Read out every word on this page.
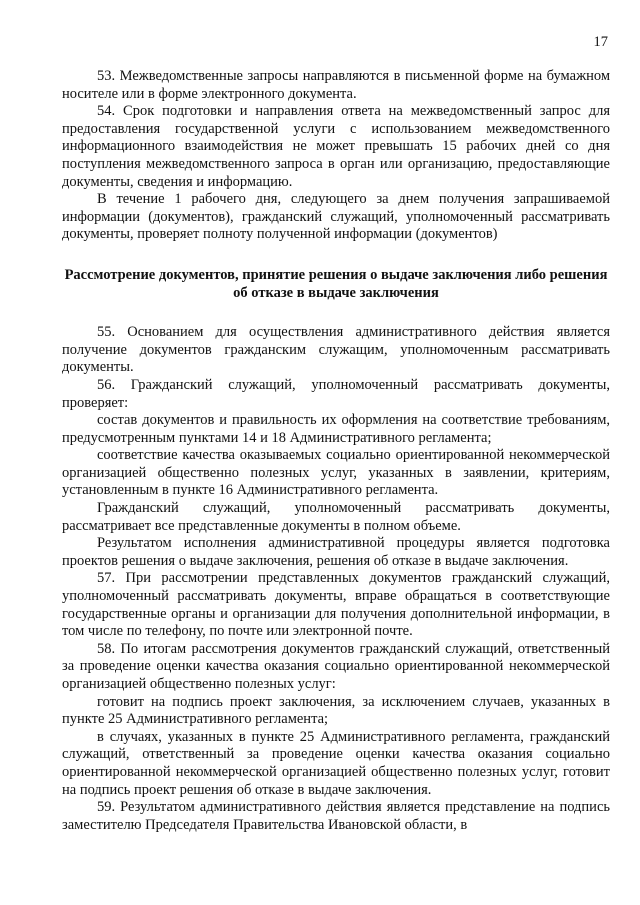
17

53. Межведомственные запросы направляются в письменной форме на бумажном носителе или в форме электронного документа.

54. Срок подготовки и направления ответа на межведомственный запрос для предоставления государственной услуги с использованием межведомственного информационного взаимодействия не может превышать 15 рабочих дней со дня поступления межведомственного запроса в орган или организацию, предоставляющие документы, сведения и информацию.

В течение 1 рабочего дня, следующего за днем получения запрашиваемой информации (документов), гражданский служащий, уполномоченный рассматривать документы, проверяет полноту полученной информации (документов)

Рассмотрение документов, принятие решения о выдаче заключения либо решения об отказе в выдаче заключения

55. Основанием для осуществления административного действия является получение документов гражданским служащим, уполномоченным рассматривать документы.

56. Гражданский служащий, уполномоченный рассматривать документы, проверяет:

состав документов и правильность их оформления на соответствие требованиям, предусмотренным пунктами 14 и 18 Административного регламента;

соответствие качества оказываемых социально ориентированной некоммерческой организацией общественно полезных услуг, указанных в заявлении, критериям, установленным в пункте 16 Административного регламента.

Гражданский служащий, уполномоченный рассматривать документы, рассматривает все представленные документы в полном объеме.

Результатом исполнения административной процедуры является подготовка проектов решения о выдаче заключения, решения об отказе в выдаче заключения.

57. При рассмотрении представленных документов гражданский служащий, уполномоченный рассматривать документы, вправе обращаться в соответствующие государственные органы и организации для получения дополнительной информации, в том числе по телефону, по почте или электронной почте.

58. По итогам рассмотрения документов гражданский служащий, ответственный за проведение оценки качества оказания социально ориентированной некоммерческой организацией общественно полезных услуг:

готовит на подпись проект заключения, за исключением случаев, указанных в пункте 25 Административного регламента;

в случаях, указанных в пункте 25 Административного регламента, гражданский служащий, ответственный за проведение оценки качества оказания социально ориентированной некоммерческой организацией общественно полезных услуг, готовит на подпись проект решения об отказе в выдаче заключения.

59. Результатом административного действия является представление на подпись заместителю Председателя Правительства Ивановской области, в
